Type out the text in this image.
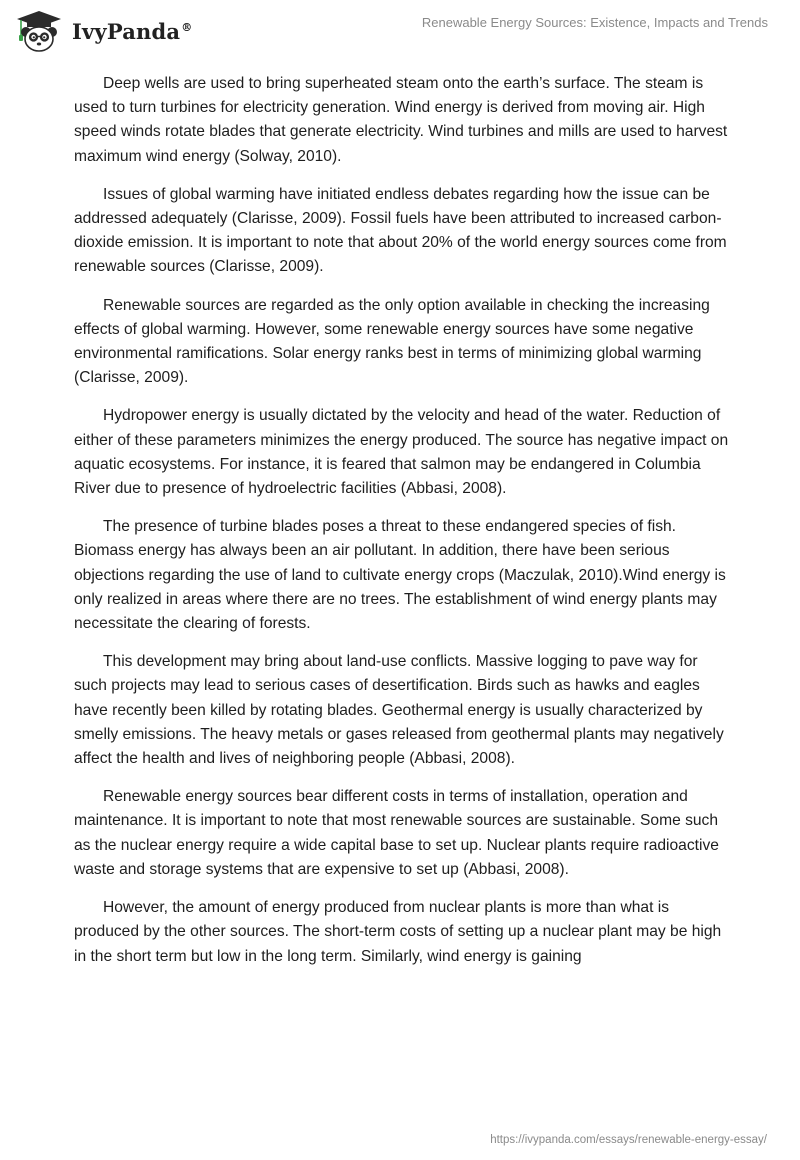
IvyPanda®	Renewable Energy Sources: Existence, Impacts and Trends

Deep wells are used to bring superheated steam onto the earth’s surface. The steam is used to turn turbines for electricity generation. Wind energy is derived from moving air. High speed winds rotate blades that generate electricity. Wind turbines and mills are used to harvest maximum wind energy (Solway, 2010).

Issues of global warming have initiated endless debates regarding how the issue can be addressed adequately (Clarisse, 2009). Fossil fuels have been attributed to increased carbon-dioxide emission. It is important to note that about 20% of the world energy sources come from renewable sources (Clarisse, 2009).

Renewable sources are regarded as the only option available in checking the increasing effects of global warming. However, some renewable energy sources have some negative environmental ramifications. Solar energy ranks best in terms of minimizing global warming (Clarisse, 2009).

Hydropower energy is usually dictated by the velocity and head of the water. Reduction of either of these parameters minimizes the energy produced. The source has negative impact on aquatic ecosystems. For instance, it is feared that salmon may be endangered in Columbia River due to presence of hydroelectric facilities (Abbasi, 2008).

The presence of turbine blades poses a threat to these endangered species of fish. Biomass energy has always been an air pollutant. In addition, there have been serious objections regarding the use of land to cultivate energy crops (Maczulak, 2010).Wind energy is only realized in areas where there are no trees. The establishment of wind energy plants may necessitate the clearing of forests.

This development may bring about land-use conflicts. Massive logging to pave way for such projects may lead to serious cases of desertification. Birds such as hawks and eagles have recently been killed by rotating blades. Geothermal energy is usually characterized by smelly emissions. The heavy metals or gases released from geothermal plants may negatively affect the health and lives of neighboring people (Abbasi, 2008).

Renewable energy sources bear different costs in terms of installation, operation and maintenance. It is important to note that most renewable sources are sustainable. Some such as the nuclear energy require a wide capital base to set up. Nuclear plants require radioactive waste and storage systems that are expensive to set up (Abbasi, 2008).

However, the amount of energy produced from nuclear plants is more than what is produced by the other sources. The short-term costs of setting up a nuclear plant may be high in the short term but low in the long term. Similarly, wind energy is gaining

https://ivypanda.com/essays/renewable-energy-essay/
